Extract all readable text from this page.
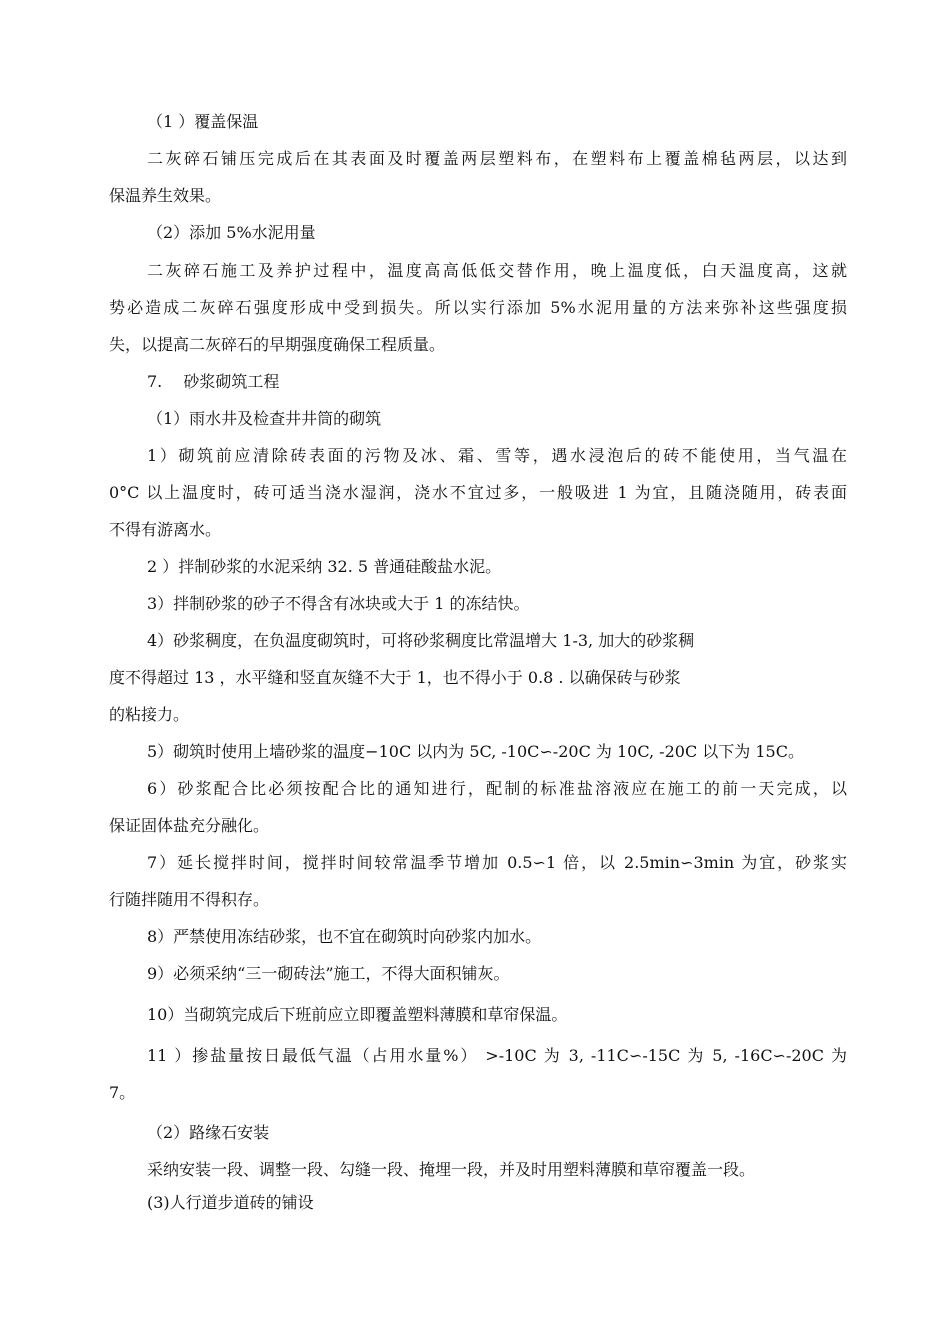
（1 ）覆盖保温

二灰碎石铺压完成后在其表面及时覆盖两层塑料布，在塑料布上覆盖棉毡两层，以达到

保温养生效果。

（2）添加 5%水泥用量

二灰碎石施工及养护过程中，温度高高低低交替作用，晚上温度低，白天温度高，这就

势必造成二灰碎石强度形成中受到损失。所以实行添加 5%水泥用量的方法来弥补这些强度损

失，以提高二灰碎石的早期强度确保工程质量。

7.　 砂浆砌筑工程

（1）雨水井及检查井井筒的砌筑

1）砌筑前应清除砖表面的污物及冰、霜、雪等，遇水浸泡后的砖不能使用，当气温在

0°C 以上温度时，砖可适当浇水湿润，浇水不宜过多，一般吸进 1 为宜，且随浇随用，砖表面

不得有游离水。

2 ）拌制砂浆的水泥采纳 32. 5 普通硅酸盐水泥。

3）拌制砂浆的砂子不得含有冰块或大于 1 的冻结快。

4）砂浆稠度，在负温度砌筑时，可将砂浆稠度比常温增大 1-3, 加大的砂浆稠

度不得超过 13 ，水平缝和竖直灰缝不大于 1，也不得小于 0.8 . 以确保砖与砂浆

的粘接力。

5）砌筑时使用上墙砂浆的温度−10C 以内为 5C, -10C∽-20C 为 10C, -20C 以下为 15C。

6）砂浆配合比必须按配合比的通知进行，配制的标准盐溶液应在施工的前一天完成，以

保证固体盐充分融化。

7）延长搅拌时间，搅拌时间较常温季节增加 0.5∽1 倍，以 2.5min∽3min 为宜，砂浆实

行随拌随用不得积存。

8）严禁使用冻结砂浆，也不宜在砌筑时向砂浆内加水。

9）必须采纳“三一砌砖法”施工，不得大面积铺灰。

10）当砌筑完成后下班前应立即覆盖塑料薄膜和草帘保温。

11 ）掺盐量按日最低气温（占用水量%） >-10C 为 3, -11C∽-15C 为 5, -16C∽-20C 为

7。

（2）路缘石安装

采纳安装一段、调整一段、勾缝一段、掩埋一段，并及时用塑料薄膜和草帘覆盖一段。

(3)人行道步道砖的铺设
